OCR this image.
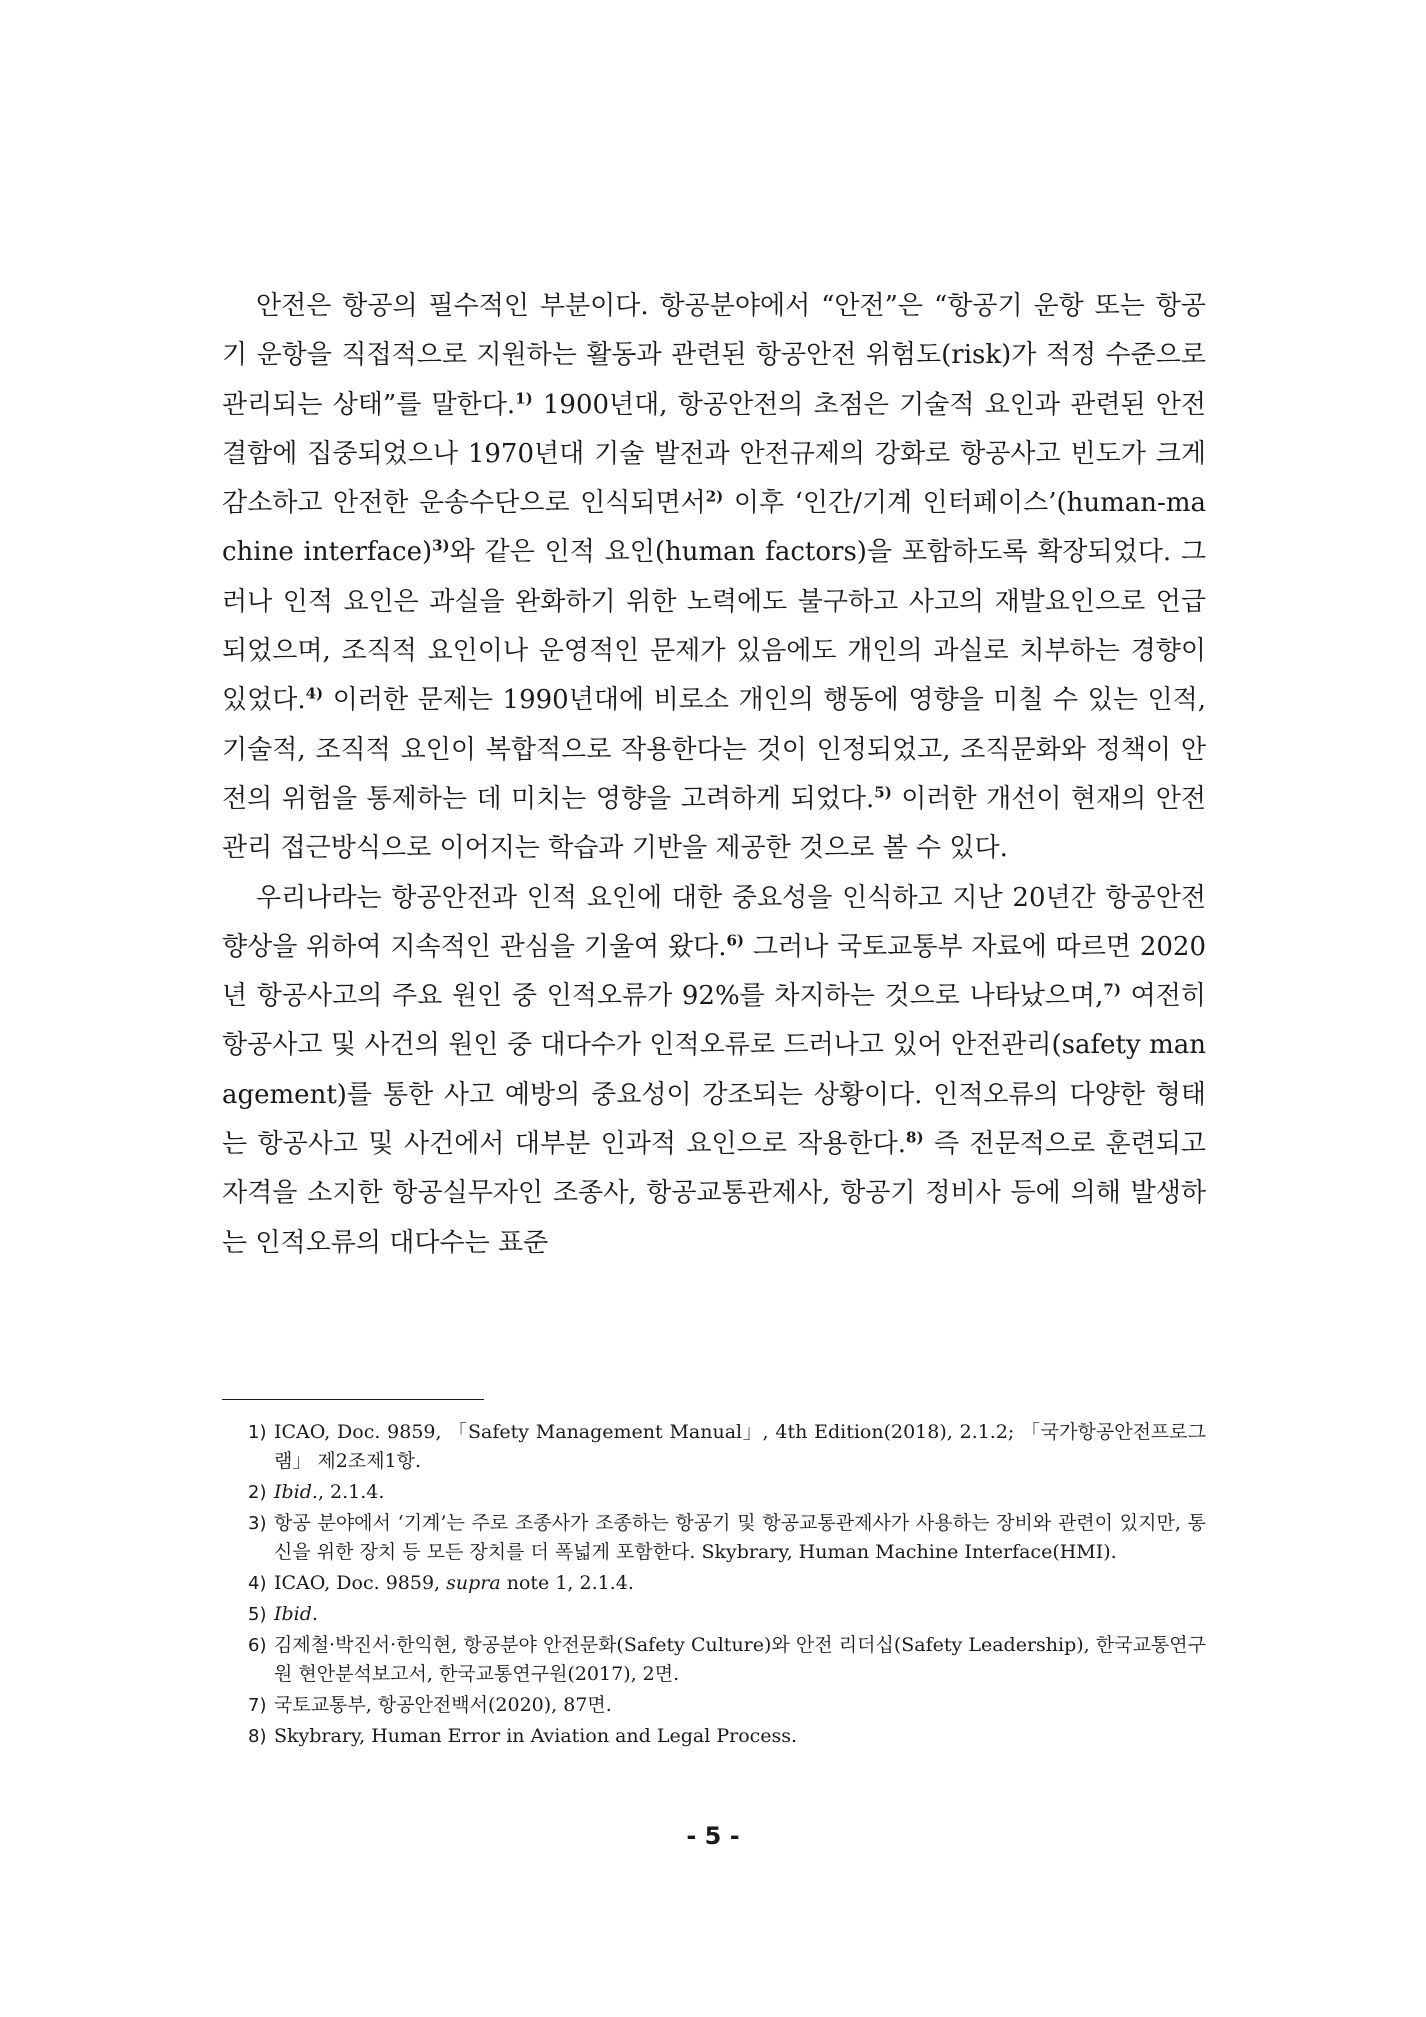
안전은 항공의 필수적인 부분이다. 항공분야에서 “안전”은 “항공기 운항 또는 항공기 운항을 직접적으로 지원하는 활동과 관련된 항공안전 위험도(risk)가 적정 수준으로 관리되는 상태”를 말한다.$^{1)}$ 1900년대, 항공안전의 초점은 기술적 요인과 관련된 안전 결함에 집중되었으나 1970년대 기술 발전과 안전규제의 강화로 항공사고 빈도가 크게 감소하고 안전한 운송수단으로 인식되면서$^{2)}$ 이후 ‘인간/기계 인터페이스’(human-machine interface)$^{3)}$와 같은 인적 요인(human factors)을 포함하도록 확장되었다. 그러나 인적 요인은 과실을 완화하기 위한 노력에도 불구하고 사고의 재발요인으로 언급되었으며, 조직적 요인이나 운영적인 문제가 있음에도 개인의 과실로 치부하는 경향이 있었다.$^{4)}$ 이러한 문제는 1990년대에 비로소 개인의 행동에 영향을 미칠 수 있는 인적, 기술적, 조직적 요인이 복합적으로 작용한다는 것이 인정되었고, 조직문화와 정책이 안전의 위험을 통제하는 데 미치는 영향을 고려하게 되었다.$^{5)}$ 이러한 개선이 현재의 안전관리 접근방식으로 이어지는 학습과 기반을 제공한 것으로 볼 수 있다.

우리나라는 항공안전과 인적 요인에 대한 중요성을 인식하고 지난 20년간 항공안전 향상을 위하여 지속적인 관심을 기울여 왔다.$^{6)}$ 그러나 국토교통부 자료에 따르면 2020년 항공사고의 주요 원인 중 인적오류가 92%를 차지하는 것으로 나타났으며,$^{7)}$ 여전히 항공사고 및 사건의 원인 중 대다수가 인적오류로 드러나고 있어 안전관리(safety management)를 통한 사고 예방의 중요성이 강조되는 상황이다. 인적오류의 다양한 형태는 항공사고 및 사건에서 대부분 인과적 요인으로 작용한다.$^{8)}$ 즉 전문적으로 훈련되고 자격을 소지한 항공실무자인 조종사, 항공교통관제사, 항공기 정비사 등에 의해 발생하는 인적오류의 대다수는 표준

1) ICAO, Doc. 9859, 「Safety Management Manual」, 4th Edition(2018), 2.1.2; 「국가항공안전프로그램」 제2조제1항.
2) Ibid., 2.1.4.
3) 항공 분야에서 ‘기계’는 주로 조종사가 조종하는 항공기 및 항공교통관제사가 사용하는 장비와 관련이 있지만, 통신을 위한 장치 등 모든 장치를 더 폭넓게 포함한다. Skybrary, Human Machine Interface(HMI).
4) ICAO, Doc. 9859, supra note 1, 2.1.4.
5) Ibid.
6) 김제철·박진서·한익현, 항공분야 안전문화(Safety Culture)와 안전 리더십(Safety Leadership), 한국교통연구원 현안분석보고서, 한국교통연구원(2017), 2면.
7) 국토교통부, 항공안전백서(2020), 87면.
8) Skybrary, Human Error in Aviation and Legal Process.
- 5 -
